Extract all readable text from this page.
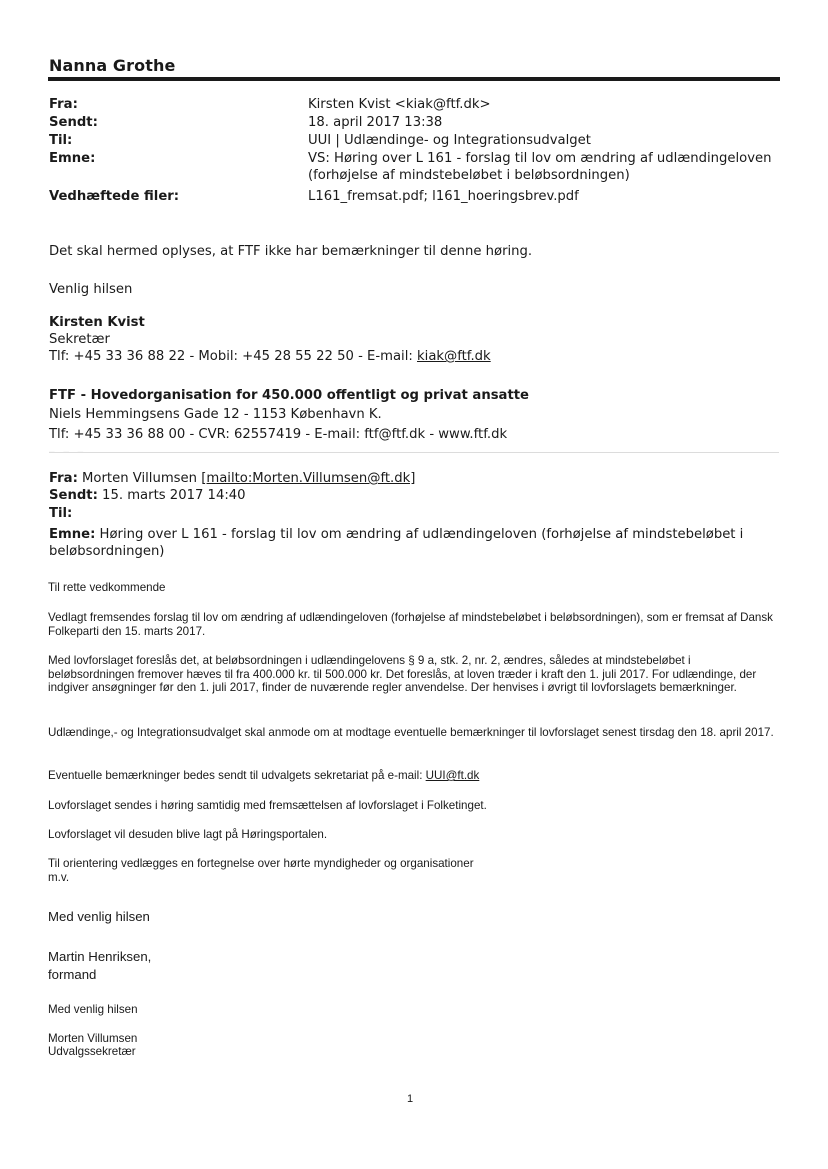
Nanna Grothe
Fra:	Kirsten Kvist <kiak@ftf.dk>
Sendt:	18. april 2017 13:38
Til:	UUI | Udlændinge- og Integrationsudvalget
Emne:	VS: Høring over L 161 - forslag til lov om ændring af udlændingeloven (forhøjelse af mindstebeløbet i beløbsordningen)
Vedhæftede filer:	L161_fremsat.pdf; l161_hoeringsbrev.pdf
Det skal hermed oplyses, at FTF ikke har bemærkninger til denne høring.
Venlig hilsen
Kirsten Kvist
Sekretær
Tlf: +45 33 36 88 22 - Mobil: +45 28 55 22 50 - E-mail: kiak@ftf.dk
FTF - Hovedorganisation for 450.000 offentligt og privat ansatte
Niels Hemmingsens Gade 12 - 1153 København K.
Tlf: +45 33 36 88 00 - CVR: 62557419 - E-mail: ftf@ftf.dk - www.ftf.dk
– – –
Fra: Morten Villumsen [mailto:Morten.Villumsen@ft.dk]
Sendt: 15. marts 2017 14:40
Til:
Emne: Høring over L 161 - forslag til lov om ændring af udlændingeloven (forhøjelse af mindstebeløbet i beløbsordningen)
Til rette vedkommende
Vedlagt fremsendes forslag til lov om ændring af udlændingeloven (forhøjelse af mindstebeløbet i beløbsordningen), som er fremsat af Dansk Folkeparti den 15. marts 2017.
Med lovforslaget foreslås det, at beløbsordningen i udlændingelovens § 9 a, stk. 2, nr. 2, ændres, således at mindstebeløbet i beløbsordningen fremover hæves til fra 400.000 kr. til 500.000 kr. Det foreslås, at loven træder i kraft den 1. juli 2017. For udlændinge, der indgiver ansøgninger før den 1. juli 2017, finder de nuværende regler anvendelse. Der henvises i øvrigt til lovforslagets bemærkninger.
Udlændinge,- og Integrationsudvalget skal anmode om at modtage eventuelle bemærkninger til lovforslaget senest tirsdag den 18. april 2017.
Eventuelle bemærkninger bedes sendt til udvalgets sekretariat på e-mail: UUI@ft.dk
Lovforslaget sendes i høring samtidig med fremsættelsen af lovforslaget i Folketinget.
Lovforslaget vil desuden blive lagt på Høringsportalen.
Til orientering vedlægges en fortegnelse over hørte myndigheder og organisationer
m.v.
Med venlig hilsen
Martin Henriksen,
formand
Med venlig hilsen
Morten Villumsen
Udvalgssekretær
1
